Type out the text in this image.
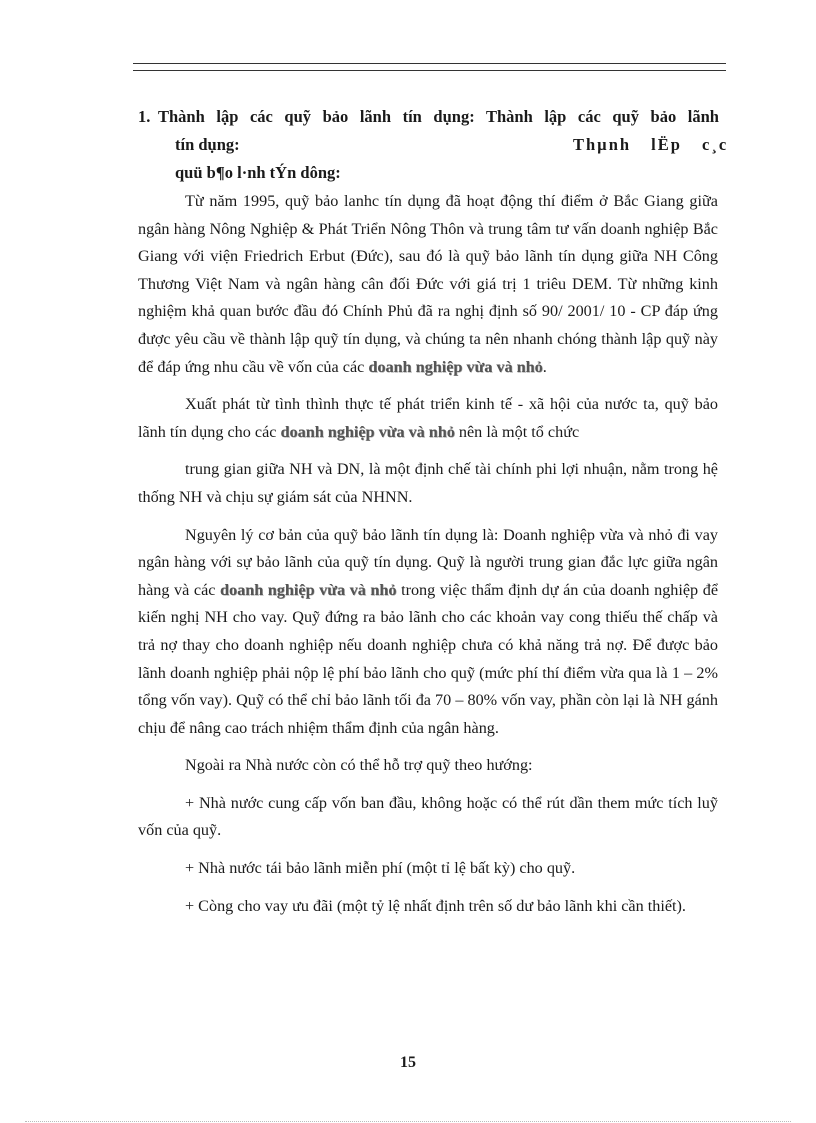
1. Thành lập các quỹ bảo lãnh tín dụng: Thành lập các quỹ bảo lãnh
tín dụng:	Thµnh lËp c¸c
quü b¶o l·nh tÝn dông:

Từ năm 1995, quỹ bảo lanhc tín dụng đã hoạt động thí điểm ở Bắc Giang giữa ngân hàng Nông Nghiệp & Phát Triển Nông Thôn và trung tâm tư vấn doanh nghiệp Bắc Giang với viện Friedrich Erbut (Đức), sau đó là quỹ bảo lãnh tín dụng giữa NH Công Thương Việt Nam và ngân hàng cân đối Đức với giá trị 1 triêu DEM. Từ những kinh nghiệm khả quan bước đầu đó Chính Phủ đã ra nghị định số 90/ 2001/ 10 - CP đáp ứng được yêu cầu về thành lập quỹ tín dụng, và chúng ta nên nhanh chóng thành lập quỹ này để đáp ứng nhu cầu về vốn của các doanh nghiệp vừa và nhỏ.

Xuất phát từ tình thình thực tế phát triển kinh tế - xã hội của nước ta, quỹ bảo lãnh tín dụng cho các doanh nghiệp vừa và nhỏ nên là một tổ chức

trung gian giữa NH và DN, là một định chế tài chính phi lợi nhuận, nằm trong hệ thống NH và chịu sự giám sát của NHNN.

Nguyên lý cơ bản của quỹ bảo lãnh tín dụng là: Doanh nghiệp vừa và nhỏ đi vay ngân hàng với sự bảo lãnh của quỹ tín dụng. Quỹ là người trung gian đắc lực giữa ngân hàng và các doanh nghiệp vừa và nhỏ trong việc thẩm định dự án của doanh nghiệp để kiến nghị NH cho vay. Quỹ đứng ra bảo lãnh cho các khoản vay cong thiếu thế chấp và trả nợ thay cho doanh nghiệp nếu doanh nghiệp chưa có khả năng trả nợ. Để được bảo lãnh doanh nghiệp phải nộp lệ phí bảo lãnh cho quỹ (mức phí thí điểm vừa qua là 1 – 2% tổng vốn vay). Quỹ có thể chỉ bảo lãnh tối đa 70 – 80% vốn vay, phần còn lại là NH gánh chịu để nâng cao trách nhiệm thẩm định của ngân hàng.

Ngoài ra Nhà nước còn có thể hỗ trợ quỹ theo hướng:

+ Nhà nước cung cấp vốn ban đầu, không hoặc có thể rút dần them mức tích luỹ vốn của quỹ.

+ Nhà nước tái bảo lãnh miễn phí (một tỉ lệ bất kỳ) cho quỹ.

+ Còng cho vay ưu đãi (một tỷ lệ nhất định trên số dư bảo lãnh khi cần thiết).

15
